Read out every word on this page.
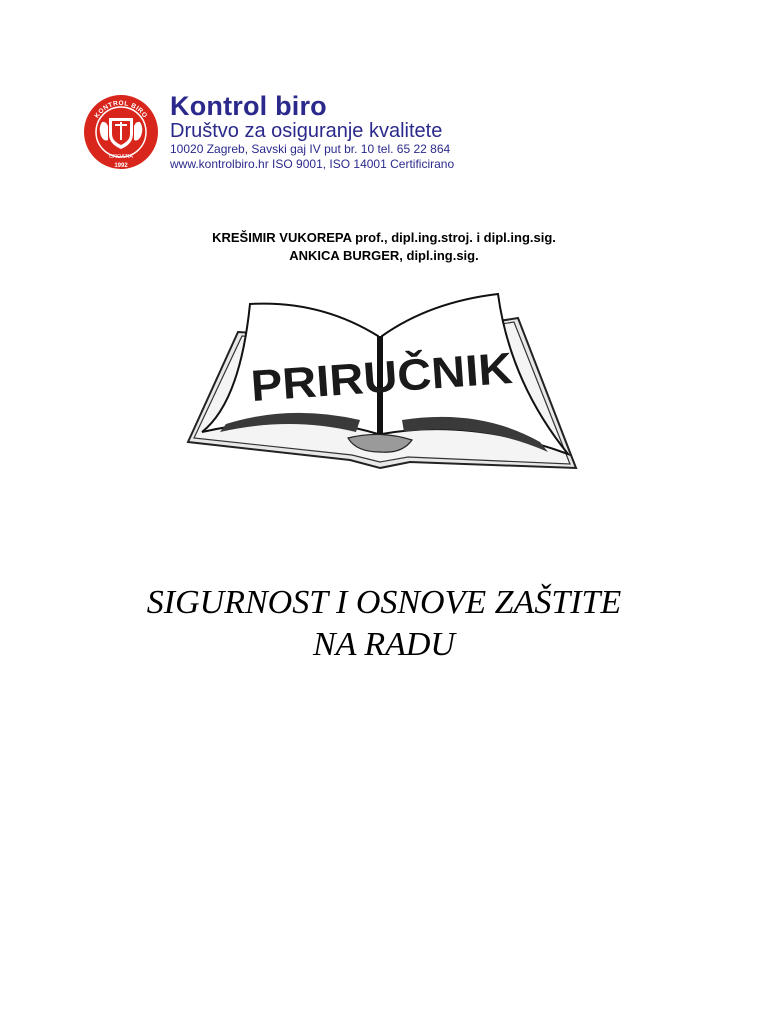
KONTROL BIRO
CROATIA
1992
Kontrol biro
Društvo za osiguranje kvalitete
10020 Zagreb, Savski gaj IV put br. 10 tel. 65 22 864
www.kontrolbiro.hr ISO 9001, ISO 14001 Certificirano
KREŠIMIR VUKOREPA prof., dipl.ing.stroj. i dipl.ing.sig.
ANKICA BURGER, dipl.ing.sig.
PRIRUČNIK
SIGURNOST I OSNOVE ZAŠTITE
NA RADU
